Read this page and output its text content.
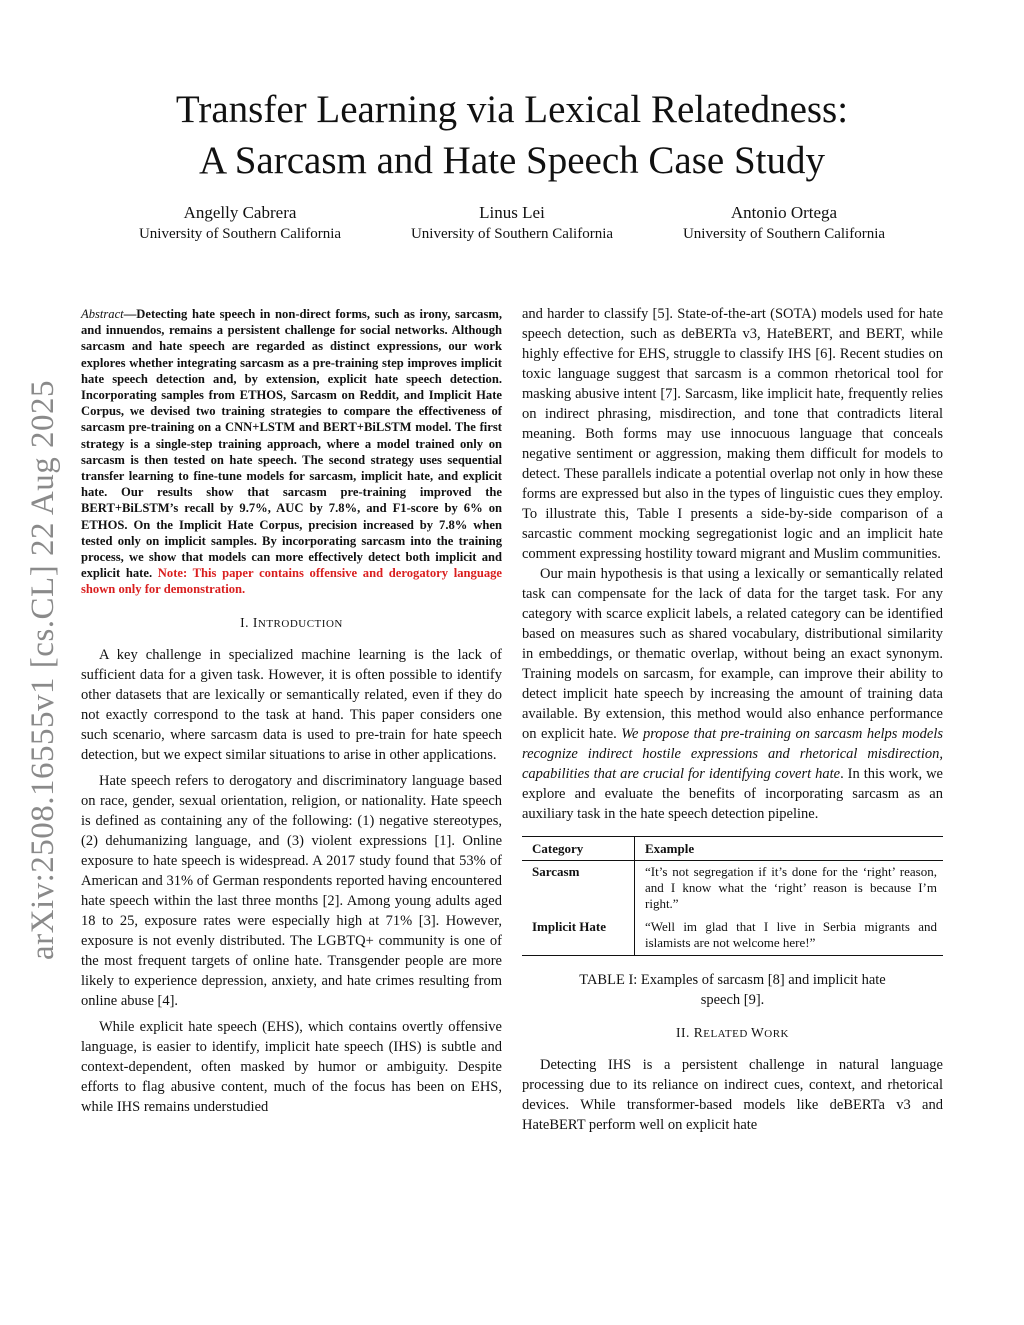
Transfer Learning via Lexical Relatedness:
A Sarcasm and Hate Speech Case Study
Angelly Cabrera
University of Southern California
Linus Lei
University of Southern California
Antonio Ortega
University of Southern California
arXiv:2508.16555v1 [cs.CL] 22 Aug 2025

Abstract—Detecting hate speech in non-direct forms, such as irony, sarcasm, and innuendos, remains a persistent challenge for social networks. Although sarcasm and hate speech are regarded as distinct expressions, our work explores whether integrating sarcasm as a pre-training step improves implicit hate speech detection and, by extension, explicit hate speech detection. Incorporating samples from ETHOS, Sarcasm on Reddit, and Implicit Hate Corpus, we devised two training strategies to compare the effectiveness of sarcasm pre-training on a CNN+LSTM and BERT+BiLSTM model. The first strategy is a single-step training approach, where a model trained only on sarcasm is then tested on hate speech. The second strategy uses sequential transfer learning to fine-tune models for sarcasm, implicit hate, and explicit hate. Our results show that sarcasm pre-training improved the BERT+BiLSTM’s recall by 9.7%, AUC by 7.8%, and F1-score by 6% on ETHOS. On the Implicit Hate Corpus, precision increased by 7.8% when tested only on implicit samples. By incorporating sarcasm into the training process, we show that models can more effectively detect both implicit and explicit hate. Note: This paper contains offensive and derogatory language shown only for demonstration.

I. INTRODUCTION

A key challenge in specialized machine learning is the lack of sufficient data for a given task. However, it is often possible to identify other datasets that are lexically or semantically related, even if they do not exactly correspond to the task at hand. This paper considers one such scenario, where sarcasm data is used to pre-train for hate speech detection, but we expect similar situations to arise in other applications.

Hate speech refers to derogatory and discriminatory language based on race, gender, sexual orientation, religion, or nationality. Hate speech is defined as containing any of the following: (1) negative stereotypes, (2) dehumanizing language, and (3) violent expressions [1]. Online exposure to hate speech is widespread. A 2017 study found that 53% of American and 31% of German respondents reported having encountered hate speech within the last three months [2]. Among young adults aged 18 to 25, exposure rates were especially high at 71% [3]. However, exposure is not evenly distributed. The LGBTQ+ community is one of the most frequent targets of online hate. Transgender people are more likely to experience depression, anxiety, and hate crimes resulting from online abuse [4].

While explicit hate speech (EHS), which contains overtly offensive language, is easier to identify, implicit hate speech (IHS) is subtle and context-dependent, often masked by humor or ambiguity. Despite efforts to flag abusive content, much of the focus has been on EHS, while IHS remains understudied

and harder to classify [5]. State-of-the-art (SOTA) models used for hate speech detection, such as deBERTa v3, HateBERT, and BERT, while highly effective for EHS, struggle to classify IHS [6]. Recent studies on toxic language suggest that sarcasm is a common rhetorical tool for masking abusive intent [7]. Sarcasm, like implicit hate, frequently relies on indirect phrasing, misdirection, and tone that contradicts literal meaning. Both forms may use innocuous language that conceals negative sentiment or aggression, making them difficult for models to detect. These parallels indicate a potential overlap not only in how these forms are expressed but also in the types of linguistic cues they employ. To illustrate this, Table I presents a side-by-side comparison of a sarcastic comment mocking segregationist logic and an implicit hate comment expressing hostility toward migrant and Muslim communities.

Our main hypothesis is that using a lexically or semantically related task can compensate for the lack of data for the target task. For any category with scarce explicit labels, a related category can be identified based on measures such as shared vocabulary, distributional similarity in embeddings, or thematic overlap, without being an exact synonym. Training models on sarcasm, for example, can improve their ability to detect implicit hate speech by increasing the amount of training data available. By extension, this method would also enhance performance on explicit hate. We propose that pre-training on sarcasm helps models recognize indirect hostile expressions and rhetorical misdirection, capabilities that are crucial for identifying covert hate. In this work, we explore and evaluate the benefits of incorporating sarcasm as an auxiliary task in the hate speech detection pipeline.

Category	Example
Sarcasm	“It’s not segregation if it’s done for the ‘right’ reason, and I know what the ‘right’ reason is because I’m right.”
Implicit Hate	“Well im glad that I live in Serbia migrants and islamists are not welcome here!”
TABLE I: Examples of sarcasm [8] and implicit hate speech [9].
II. RELATED WORK

Detecting IHS is a persistent challenge in natural language processing due to its reliance on indirect cues, context, and rhetorical devices. While transformer-based models like deBERTa v3 and HateBERT perform well on explicit hate
